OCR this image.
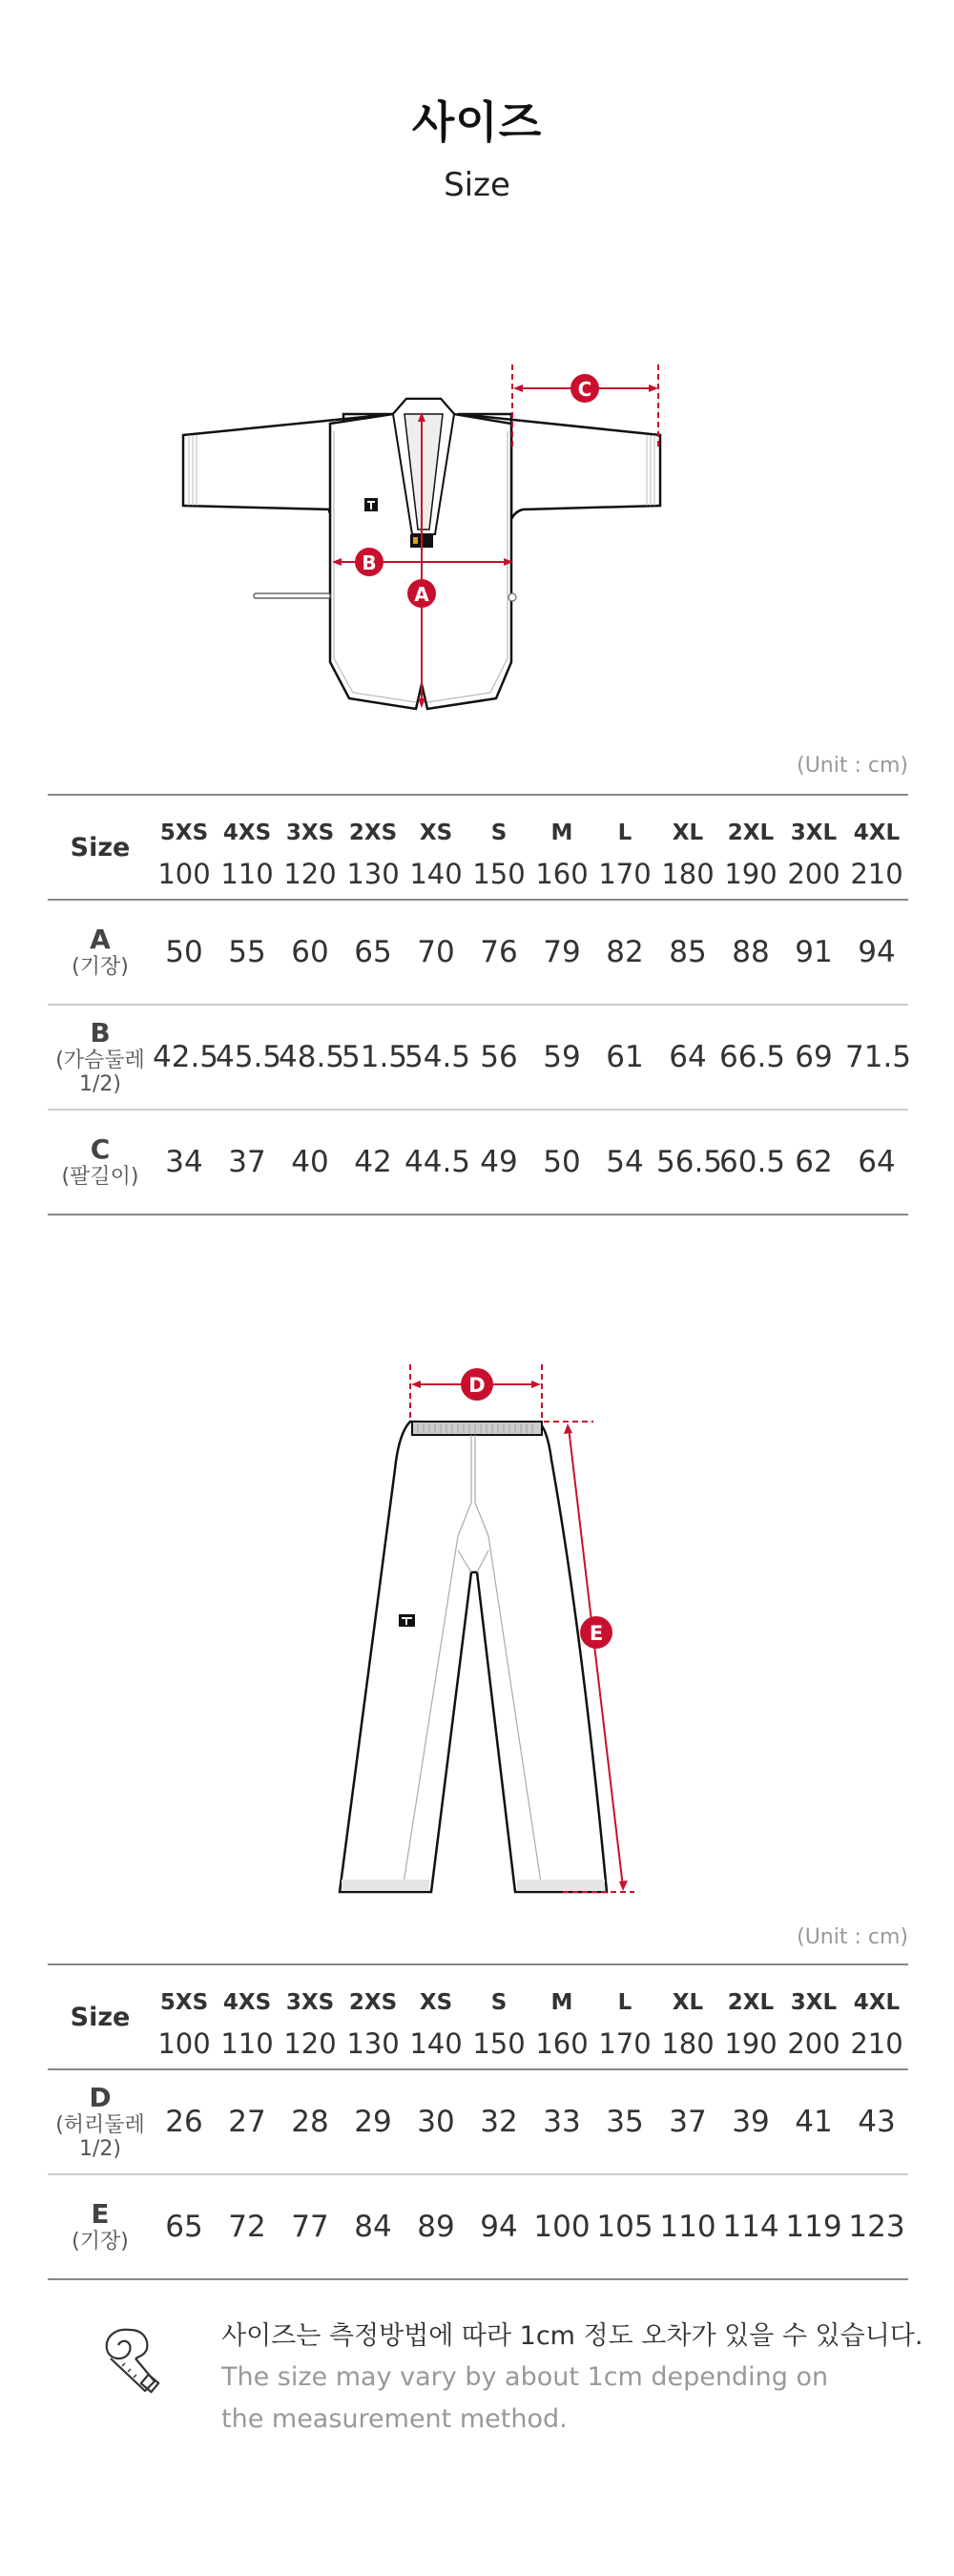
사이즈
Size
A
B
C
(Unit : cm)
Size	5XS	4XS	3XS	2XS	XS	S	M	L	XL	2XL	3XL	4XL
	100	110	120	130	140	150	160	170	180	190	200	210

A
(기장)	50	55	60	65	70	76	79	82	85	88	91	94

B
(가슴둘레 1/2)	42.5	45.5	48.5	51.5	54.5	56	59	61	64	66.5	69	71.5

C
(팔길이)	34	37	40	42	44.5	49	50	54	56.5	60.5	62	64
D
E
(Unit : cm)
Size	5XS	4XS	3XS	2XS	XS	S	M	L	XL	2XL	3XL	4XL
	100	110	120	130	140	150	160	170	180	190	200	210

D
(허리둘레 1/2)	26	27	28	29	30	32	33	35	37	39	41	43

E
(기장)	65	72	77	84	89	94	100	105	110	114	119	123
사이즈는 측정방법에 따라 1cm 정도 오차가 있을 수 있습니다.
The size may vary by about 1cm depending on the measurement method.
